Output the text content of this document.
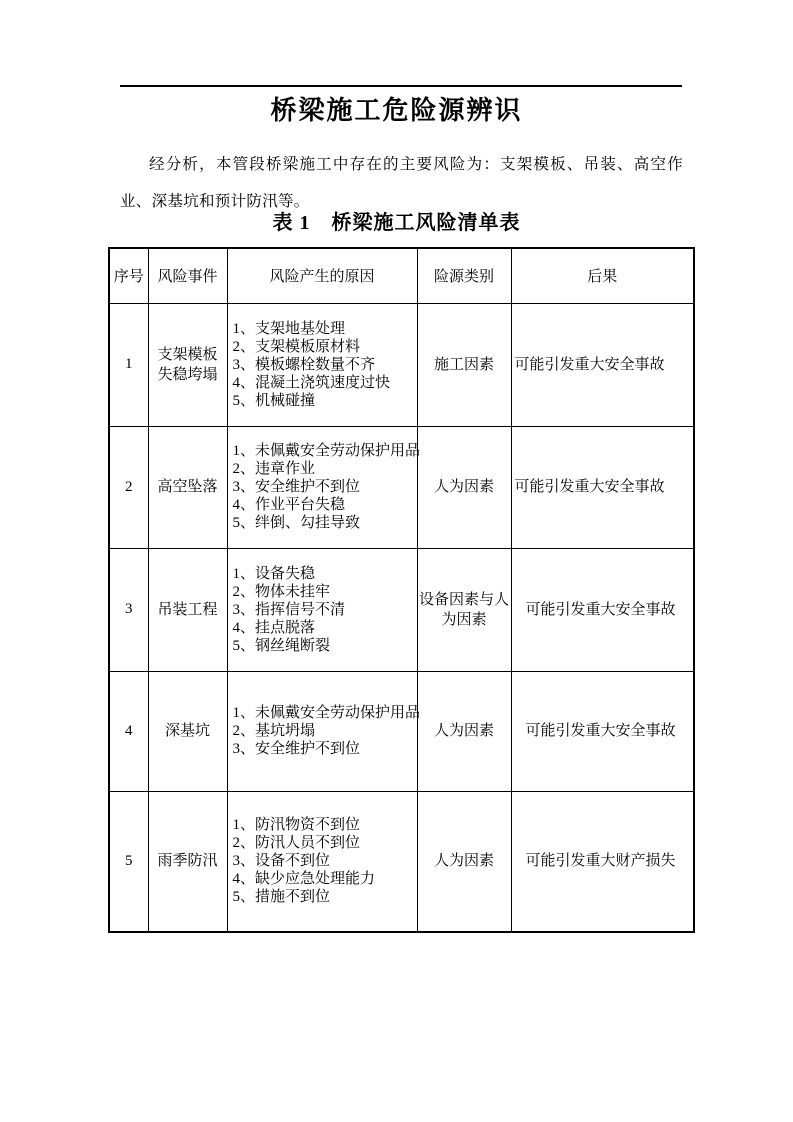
桥梁施工危险源辨识

经分析，本管段桥梁施工中存在的主要风险为：支架模板、吊装、高空作业、深基坑和预计防汛等。

表 1　桥梁施工风险清单表

序号	风险事件	风险产生的原因	险源类别	后果
1	支架模板失稳垮塌	1、支架地基处理
2、支架模板原材料
3、模板螺栓数量不齐
4、混凝土浇筑速度过快
5、机械碰撞	施工因素	可能引发重大安全事故
2	高空坠落	1、未佩戴安全劳动保护用品
2、违章作业
3、安全维护不到位
4、作业平台失稳
5、绊倒、勾挂导致	人为因素	可能引发重大安全事故
3	吊装工程	1、设备失稳
2、物体未挂牢
3、指挥信号不清
4、挂点脱落
5、钢丝绳断裂	设备因素与人为因素	可能引发重大安全事故
4	深基坑	1、未佩戴安全劳动保护用品
2、基坑坍塌
3、安全维护不到位	人为因素	可能引发重大安全事故
5	雨季防汛	1、防汛物资不到位
2、防汛人员不到位
3、设备不到位
4、缺少应急处理能力
5、措施不到位	人为因素	可能引发重大财产损失
